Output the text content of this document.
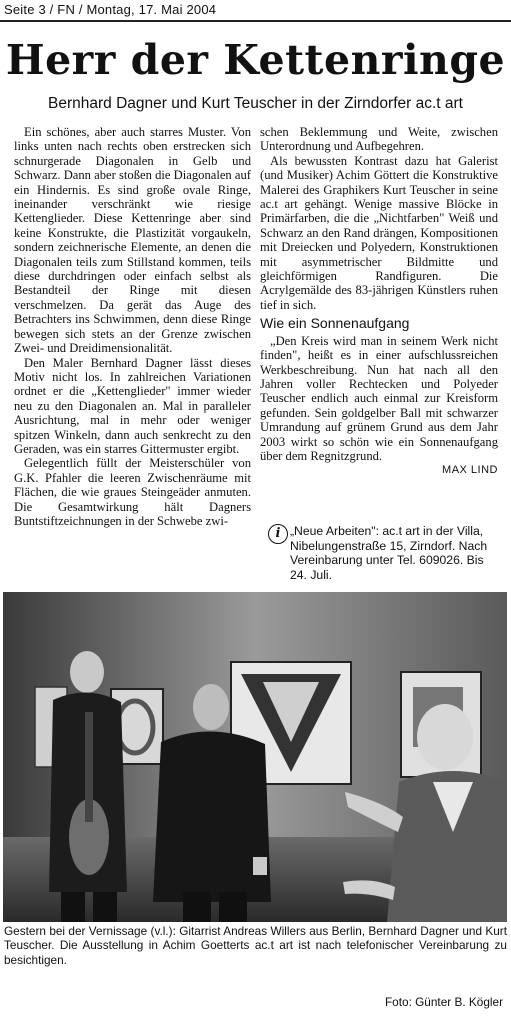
Seite 3 / FN / Montag, 17. Mai 2004
Herr der Kettenringe
Bernhard Dagner und Kurt Teuscher in der Zirndorfer ac.t art

Ein schönes, aber auch starres Muster. Von links unten nach rechts oben erstrecken sich schnurgerade Diagonalen in Gelb und Schwarz. Dann aber stoßen die Diagonalen auf ein Hindernis. Es sind große ovale Ringe, ineinander verschränkt wie riesige Kettenglieder. Diese Kettenringe aber sind keine Konstrukte, die Plastizität vorgaukeln, sondern zeichnerische Elemente, an denen die Diagonalen teils zum Stillstand kommen, teils diese durchdringen oder einfach selbst als Bestandteil der Ringe mit diesen verschmelzen. Da gerät das Auge des Betrachters ins Schwimmen, denn diese Ringe bewegen sich stets an der Grenze zwischen Zwei- und Dreidimensionalität.

Den Maler Bernhard Dagner lässt dieses Motiv nicht los. In zahlreichen Variationen ordnet er die „Kettenglieder" immer wieder neu zu den Diagonalen an. Mal in paralleler Ausrichtung, mal in mehr oder weniger spitzen Winkeln, dann auch senkrecht zu den Geraden, was ein starres Gittermuster ergibt.

Gelegentlich füllt der Meisterschüler von G.K. Pfahler die leeren Zwischenräume mit Flächen, die wie graues Steingeäder anmuten. Die Gesamtwirkung hält Dagners Buntstiftzeichnungen in der Schwebe zwi-

schen Beklemmung und Weite, zwischen Unterordnung und Aufbegehren.

Als bewussten Kontrast dazu hat Galerist (und Musiker) Achim Göttert die Konstruktive Malerei des Graphikers Kurt Teuscher in seine ac.t art gehängt. Wenige massive Blöcke in Primärfarben, die die „Nichtfarben" Weiß und Schwarz an den Rand drängen, Kompositionen mit Dreiecken und Polyedern, Konstruktionen mit asymmetrischer Bildmitte und gleichförmigen Randfiguren. Die Acrylgemälde des 83-jährigen Künstlers ruhen tief in sich.

Wie ein Sonnenaufgang

„Den Kreis wird man in seinem Werk nicht finden", heißt es in einer aufschlussreichen Werkbeschreibung. Nun hat nach all den Jahren voller Rechtecken und Polyeder Teuscher endlich auch einmal zur Kreisform gefunden. Sein goldgelber Ball mit schwarzer Umrandung auf grünem Grund aus dem Jahr 2003 wirkt so schön wie ein Sonnenaufgang über dem Regnitzgrund.

MAX LIND
i „Neue Arbeiten": ac.t art in der Villa, Nibelungenstraße 15, Zirndorf. Nach Vereinbarung unter Tel. 609026. Bis 24. Juli.
Gestern bei der Vernissage (v.l.): Gitarrist Andreas Willers aus Berlin, Bernhard Dagner und Kurt Teuscher. Die Ausstellung in Achim Goetterts ac.t art ist nach telefonischer Vereinbarung zu besichtigen.
Foto: Günter B. Kögler
